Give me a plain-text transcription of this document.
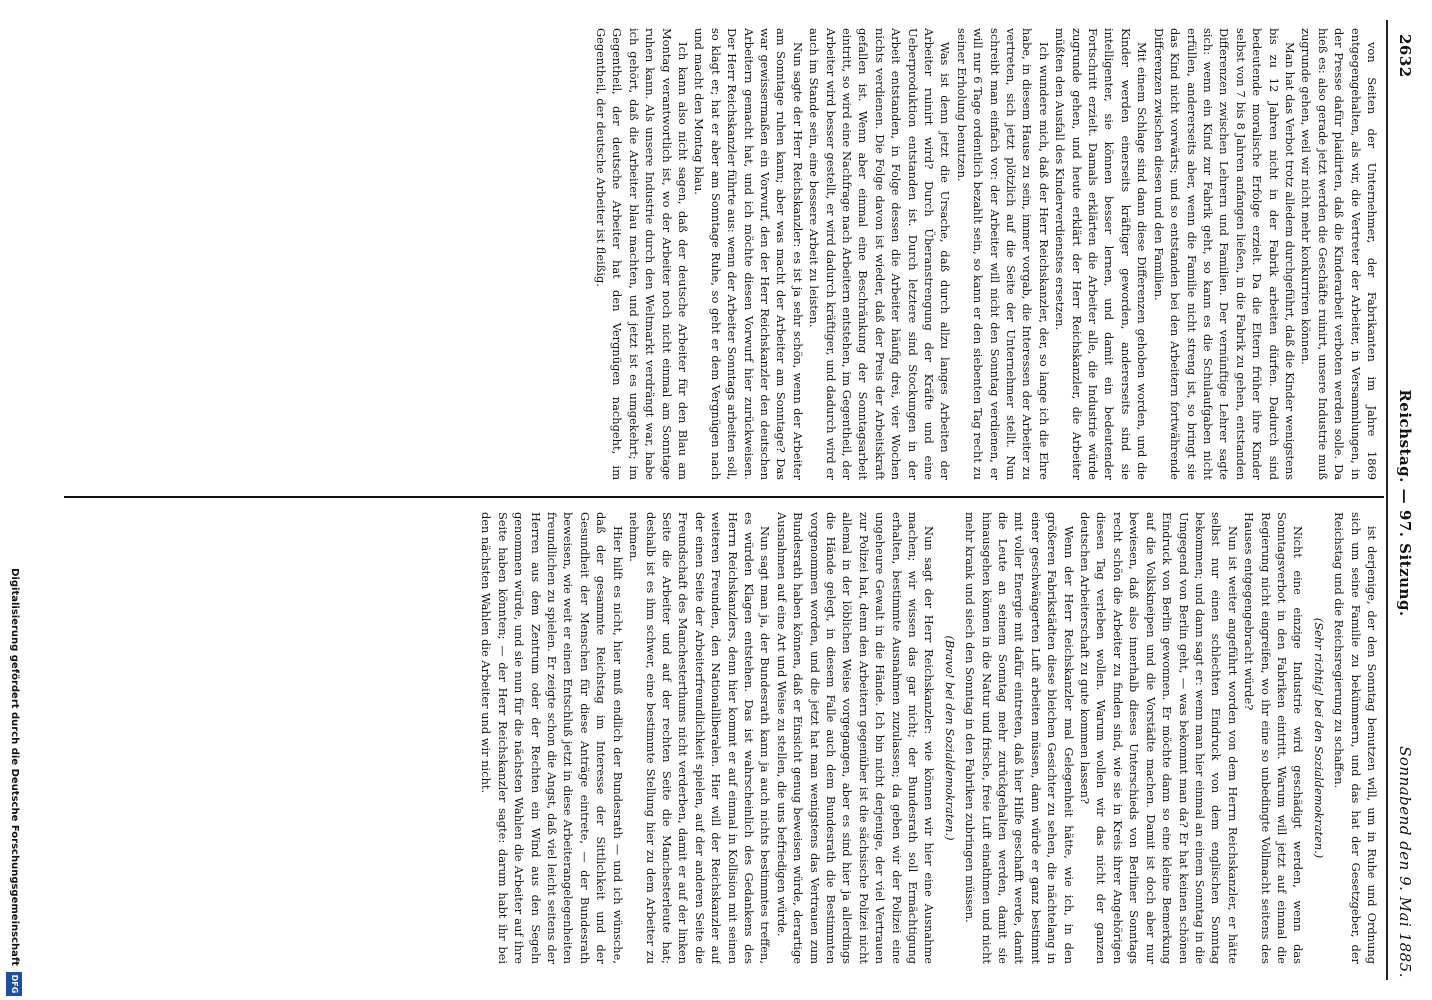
2632
Reichstag. — 97. Sitzung.
Sonnabend den 9. Mai 1885.

von Seiten der Unternehmer, der Fabrikanten im Jahre 1869 entgegengehalten, als wir, die Vertreter der Arbeiter, in Versammlungen, in der Presse dafür plaidirten, daß die Kinderarbeit verboten werden solle. Da hieß es: also gerade jetzt werden die Geschäfte ruinirt, unsere Industrie muß zugrunde gehen, weil wir nicht mehr konkurriren können.

Man hat das Verbot trotz alledem durchgeführt, daß die Kinder wenigstens bis zu 12 Jahren nicht in der Fabrik arbeiten dürfen. Dadurch sind bedeutende moralische Erfolge erzielt. Da die Eltern früher ihre Kinder selbst von 7 bis 8 Jahren anfangen ließen, in die Fabrik zu gehen, entstanden Differenzen zwischen Lehrern und Familien. Der vernünftige Lehrer sagte sich: wenn ein Kind zur Fabrik geht, so kann es die Schulaufgaben nicht erfüllen, andererseits aber, wenn die Familie nicht streng ist, so bringt sie das Kind nicht vorwärts; und so entstanden bei den Arbeitern fortwährende Differenzen zwischen diesen und den Familien.

Mit einem Schlage sind dann diese Differenzen gehoben worden, und die Kinder werden einerseits kräftiger geworden, andererseits sind sie intelligenter, sie können besser lernen, und damit ein bedeutender Fortschritt erzielt. Damals erklärten die Arbeiter alle, die Industrie würde zugrunde gehen, und heute erklärt der Herr Reichskanzler, die Arbeiter müßten den Ausfall des Kinderverdienstes ersetzen.

Ich wundere mich, daß der Herr Reichskanzler, der, so lange ich die Ehre habe, in diesem Hause zu sein, immer vorgab, die Interessen der Arbeiter zu vertreten, sich jetzt plötzlich auf die Seite der Unternehmer stellt. Nun schreibt man einfach vor: der Arbeiter will nicht den Sonntag verdienen, er will nur 6 Tage ordentlich bezahlt sein, so kann er den siebenten Tag recht zu seiner Erholung benutzen.

Was ist denn jetzt die Ursache, daß durch allzu langes Arbeiten der Arbeiter ruinirt wird? Durch Überanstrengung der Kräfte und eine Ueberproduktion entstanden ist. Durch letztere sind Stockungen in der Arbeit entstanden, in Folge dessen die Arbeiter häufig drei, vier Wochen nichts verdienen. Die Folge davon ist wieder, daß der Preis der Arbeitskraft gefallen ist. Wenn aber einmal eine Beschränkung der Sonntagsarbeit eintritt, so wird eine Nachfrage nach Arbeitern entstehen, im Gegentheil, der Arbeiter wird besser gestellt, er wird dadurch kräftiger, und dadurch wird er auch im Stande sein, eine bessere Arbeit zu leisten.

Nun sagte der Herr Reichskanzler: es ist ja sehr schön, wenn der Arbeiter am Sonntage ruhen kann; aber was macht der Arbeiter am Sonntage? Das war gewissermaßen ein Vorwurf, den der Herr Reichskanzler den deutschen Arbeitern gemacht hat, und ich möchte diesen Vorwurf hier zurückweisen. Der Herr Reichskanzler führte aus: wenn der Arbeiter Sonntags arbeiten soll, so klagt er; hat er aber am Sonntage Ruhe, so geht er dem Vergnügen nach und macht den Montag blau.

Ich kann also nicht sagen, daß der deutsche Arbeiter für den Blau am Montag verantwortlich ist, wo der Arbeiter noch nicht einmal am Sonntage ruhen kann. Als unsere Industrie durch den Weltmarkt verdrängt war, habe ich gehört, daß die Arbeiter blau machten, und jetzt ist es umgekehrt; im Gegentheil, der deutsche Arbeiter hat den Vergnügen nachgeht, im Gegentheil, der deutsche Arbeiter ist fleißig.

ist derjenige, der den Sonntag benutzen will, um in Ruhe und Ordnung sich um seine Familie zu bekümmern, und das hat der Gesetzgeber, der Reichstag und die Reichsregierung zu schaffen.

(Sehr richtig! bei den Sozialdemokraten.)

Nicht eine einzige Industrie wird geschädigt werden, wenn das Sonntagsverbot in den Fabriken eintritt. Warum will jetzt auf einmal die Regierung nicht eingreifen, wo ihr eine so unbedingte Vollmacht seitens des Hauses entgegengebracht würde?

Nun ist weiter angeführt worden von dem Herrn Reichskanzler, er hätte selbst nur einen schlechten Eindruck von dem englischen Sonntag bekommen; und dann sagt er: wenn man hier einmal an einem Sonntag in die Umgegend von Berlin geht, — was bekommt man da? Er hat keinen schönen Eindruck von Berlin gewonnen. Er möchte dann so eine kleine Bemerkung auf die Volkskneipen und die Vorstädte machen. Damit ist doch aber nur bewiesen, daß also innerhalb dieses Unterschieds von Berliner Sonntags recht schön die Arbeiter zu finden sind, wie sie in Kreis ihrer Angehörigen diesen Tag verleben wollen. Warum wollen wir das nicht der ganzen deutschen Arbeiterschaft zu gute kommen lassen?

Wenn der Herr Reichskanzler mal Gelegenheit hätte, wie ich, in den größeren Fabrikstädten diese bleichen Gesichter zu sehen, die nächtelang in einer geschwängerten Luft arbeiten müssen, dann würde er ganz bestimmt mit voller Energie mit dafür eintreten, daß hier Hilfe geschafft werde, damit die Leute an seinem Sonntag mehr zurückgehalten werden, damit sie hinausgehen können in die Natur und frische, freie Luft einathmen und nicht mehr krank und siech den Sonntag in den Fabriken zubringen müssen.

(Bravo! bei den Sozialdemokraten.)

Nun sagt der Herr Reichskanzler: wie können wir hier eine Ausnahme machen; wir wissen das gar nicht; der Bundesrath soll Ermächtigung erhalten, bestimmte Ausnahmen zuzulassen; da geben wir der Polizei eine ungeheure Gewalt in die Hände. Ich bin nicht derjenige, der viel Vertrauen zur Polizei hat, denn den Arbeitern gegenüber ist die sächsische Polizei nicht allemal in der löblichen Weise vorgegangen, aber es sind hier ja allerdings die Hände gelegt, in diesem Falle auch dem Bundesrath die Bestimmten vorgenommen worden, und die jetzt hat man wenigstens das Vertrauen zum Bundesrath haben können, daß er Einsicht genug beweisen würde, derartige Ausnahmen auf eine Art und Weise zu stellen, die uns befriedigen würde.

Nun sagt man ja, der Bundesrath kann ja auch nichts bestimmtes treffen, es würden Klagen entstehen. Das ist wahrscheinlich des Gedankens des Herrn Reichskanzlers, denn hier kommt er auf einmal in Kollision mit seinen weiteren Freunden, den Nationalliberalen. Hier will der Reichskanzler auf der einen Seite der Arbeiterfreundlichkeit spielen, auf der anderen Seite die Freundschaft des Manchesterthums nicht verderben, damit er auf der linken Seite die Arbeiter und auf der rechten Seite die Manchesterleute hat; deshalb ist es ihm schwer, eine bestimmte Stellung hier zu dem Arbeiter zu nehmen.

Hier hilft es nicht, hier muß endlich der Bundesrath — und ich wünsche, daß der gesammte Reichstag im Interesse der Sittlichkeit und der Gesundheit der Menschen für diese Anträge eintrete, — der Bundesrath beweisen, wie weit er einen Entschluß jetzt in diese Arbeiterangelegenheiten freundlichen zu spielen. Er zeigte schon die Angst, daß viel leicht seitens der Herren aus dem Zentrum oder der Rechten ein Wind aus den Segeln genommen würde, und sie nun für die nächsten Wahlen die Arbeiter auf ihre Seite haben könnten; — der Herr Reichskanzler sagte: darum habt ihr bei den nächsten Wahlen die Arbeiter und wir nicht.

Digitalisierung gefördert durch die Deutsche Forschungsgemeinschaft
DFG
